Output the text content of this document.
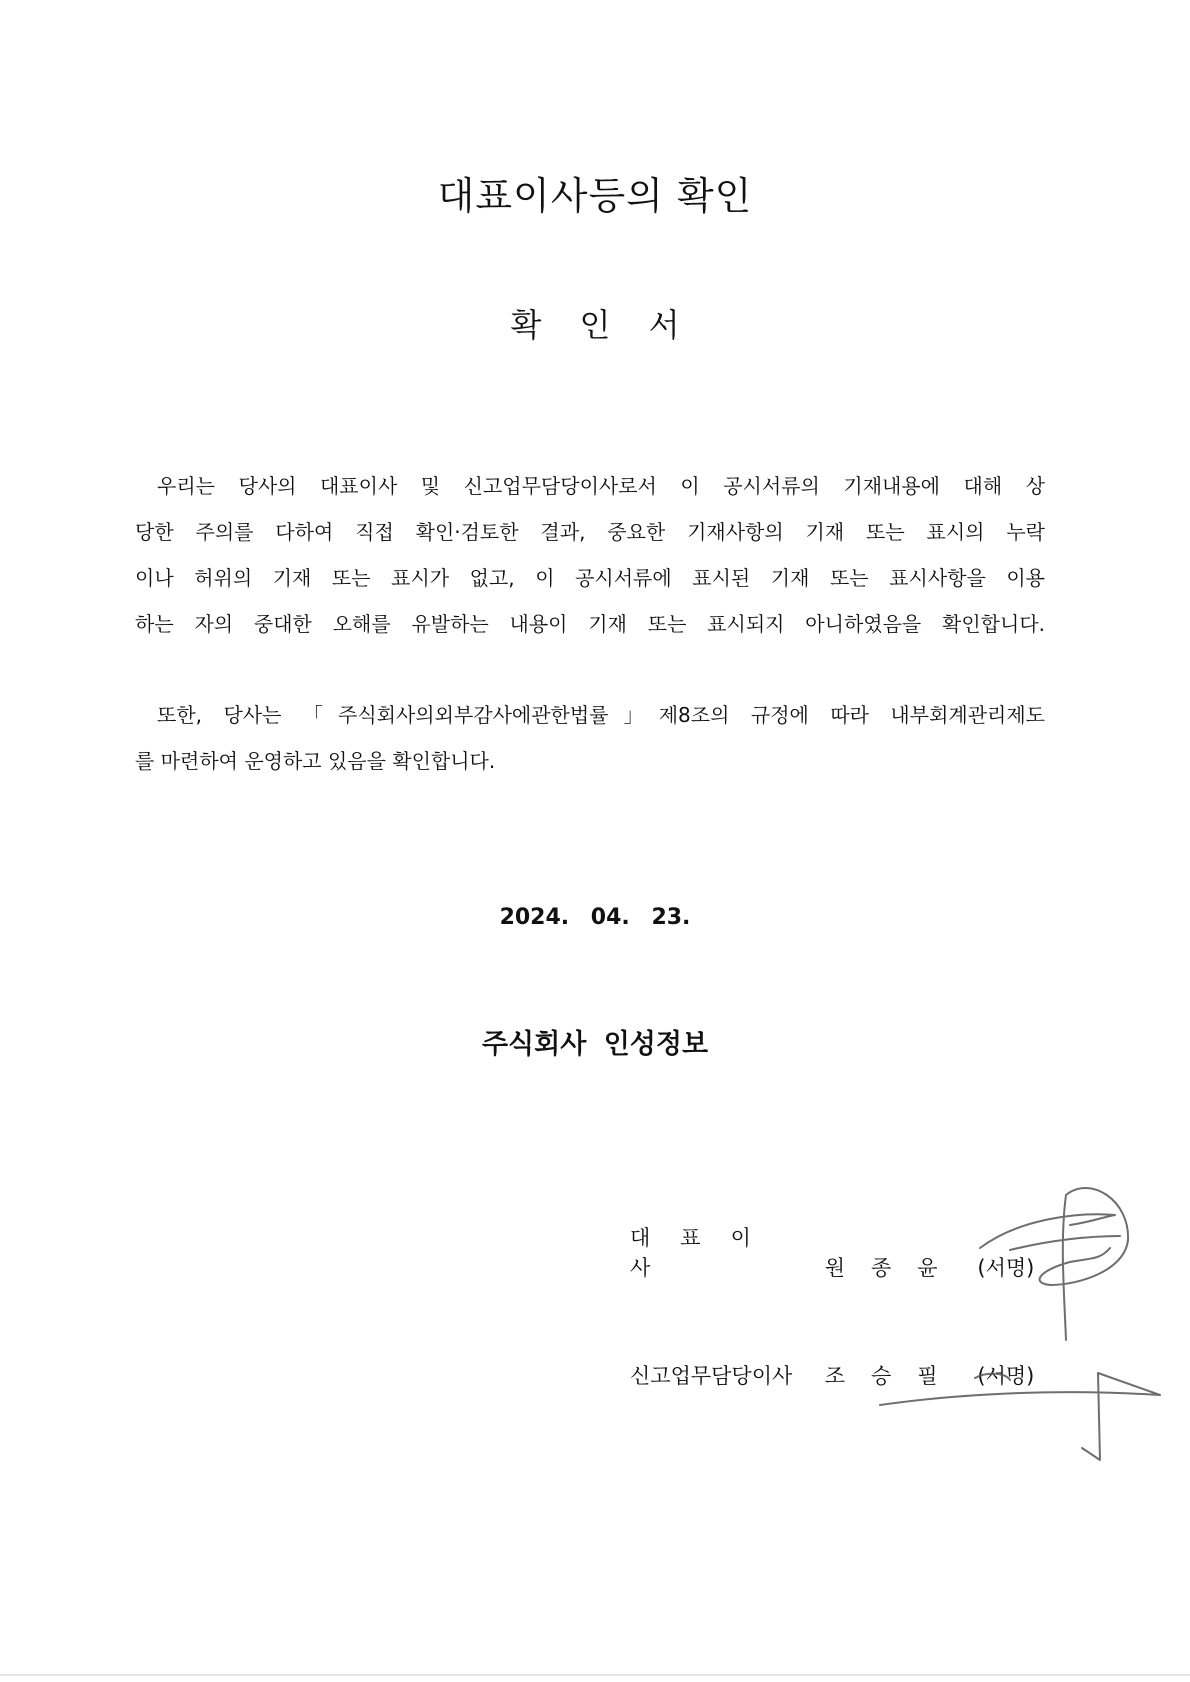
대표이사등의 확인
확 인 서
우리는 당사의 대표이사 및 신고업무담당이사로서 이 공시서류의 기재내용에 대해 상
당한 주의를 다하여 직접 확인·검토한 결과, 중요한 기재사항의 기재 또는 표시의 누락
이나 허위의 기재 또는 표시가 없고, 이 공시서류에 표시된 기재 또는 표시사항을 이용
하는 자의 중대한 오해를 유발하는 내용이 기재 또는 표시되지 아니하였음을 확인합니다.
또한, 당사는 「주식회사의외부감사에관한법률」제8조의 규정에 따라 내부회계관리제도
를 마련하여 운영하고 있음을 확인합니다.
2024. 04. 23.
주식회사 인성정보
대표이사	원종윤 (서명)
신고업무담당이사 조승필 (서명)
